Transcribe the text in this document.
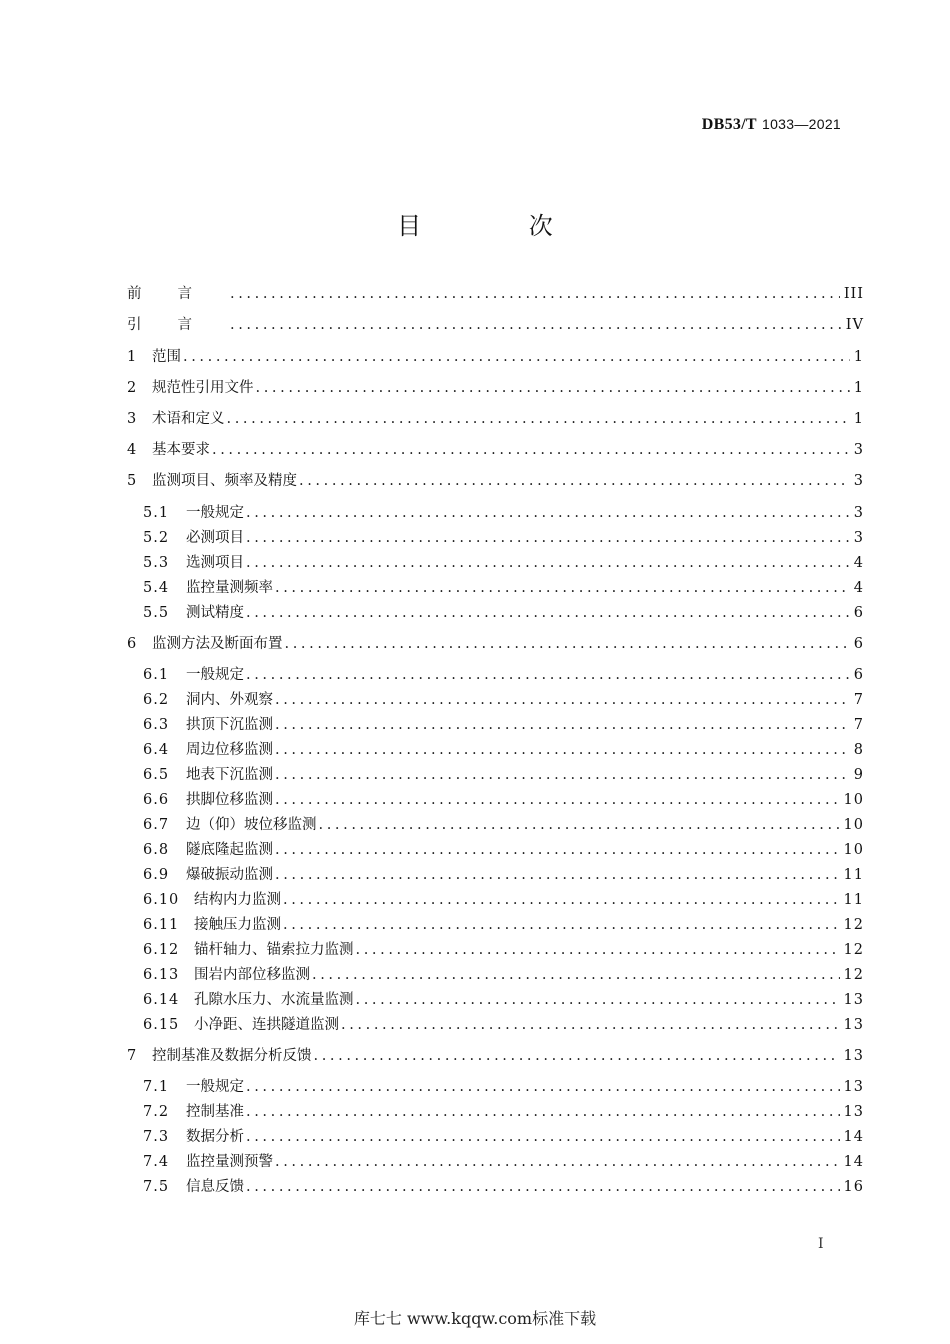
DB53/T 1033—2021
目 次
前言 .....	III
引言 .....	IV
1	范围 .....	1
2	规范性引用文件 .....	1
3	术语和定义 .....	1
4	基本要求 .....	3
5	监测项目、频率及精度 .....	3
5.1	一般规定 .....	3
5.2	必测项目 .....	3
5.3	选测项目 .....	4
5.4	监控量测频率 .....	4
5.5	测试精度 .....	6
6	监测方法及断面布置 .....	6
6.1	一般规定 .....	6
6.2	洞内、外观察 .....	7
6.3	拱顶下沉监测 .....	7
6.4	周边位移监测 .....	8
6.5	地表下沉监测 .....	9
6.6	拱脚位移监测 .....	10
6.7	边（仰）坡位移监测 .....	10
6.8	隧底隆起监测 .....	10
6.9	爆破振动监测 .....	11
6.10	结构内力监测 .....	11
6.11	接触压力监测 .....	12
6.12	锚杆轴力、锚索拉力监测 .....	12
6.13	围岩内部位移监测 .....	12
6.14	孔隙水压力、水流量监测 .....	13
6.15	小净距、连拱隧道监测 .....	13
7	控制基准及数据分析反馈 .....	13
7.1	一般规定 .....	13
7.2	控制基准 .....	13
7.3	数据分析 .....	14
7.4	监控量测预警 .....	14
7.5	信息反馈 .....	16
I
库七七 www.kqqw.com标准下载
